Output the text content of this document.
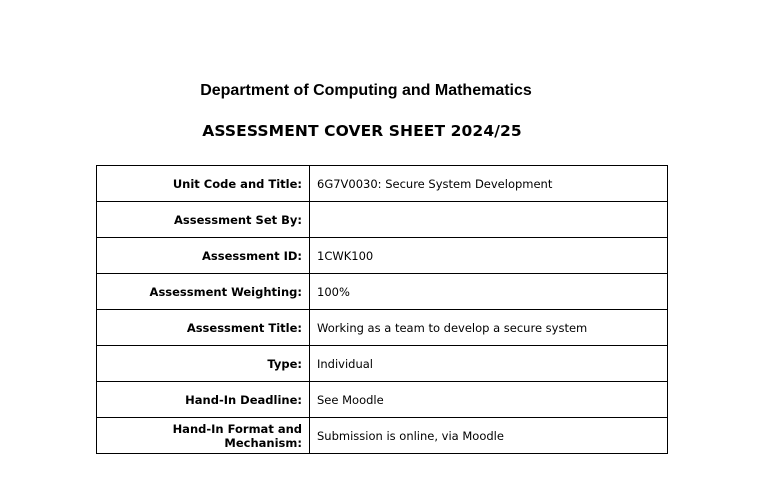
Department of Computing and Mathematics
ASSESSMENT COVER SHEET 2024/25
Unit Code and Title:	6G7V0030: Secure System Development
Assessment Set By:	
Assessment ID:	1CWK100
Assessment Weighting:	100%
Assessment Title:	Working as a team to develop a secure system
Type:	Individual
Hand-In Deadline:	See Moodle
Hand-In Format and Mechanism:	Submission is online, via Moodle
